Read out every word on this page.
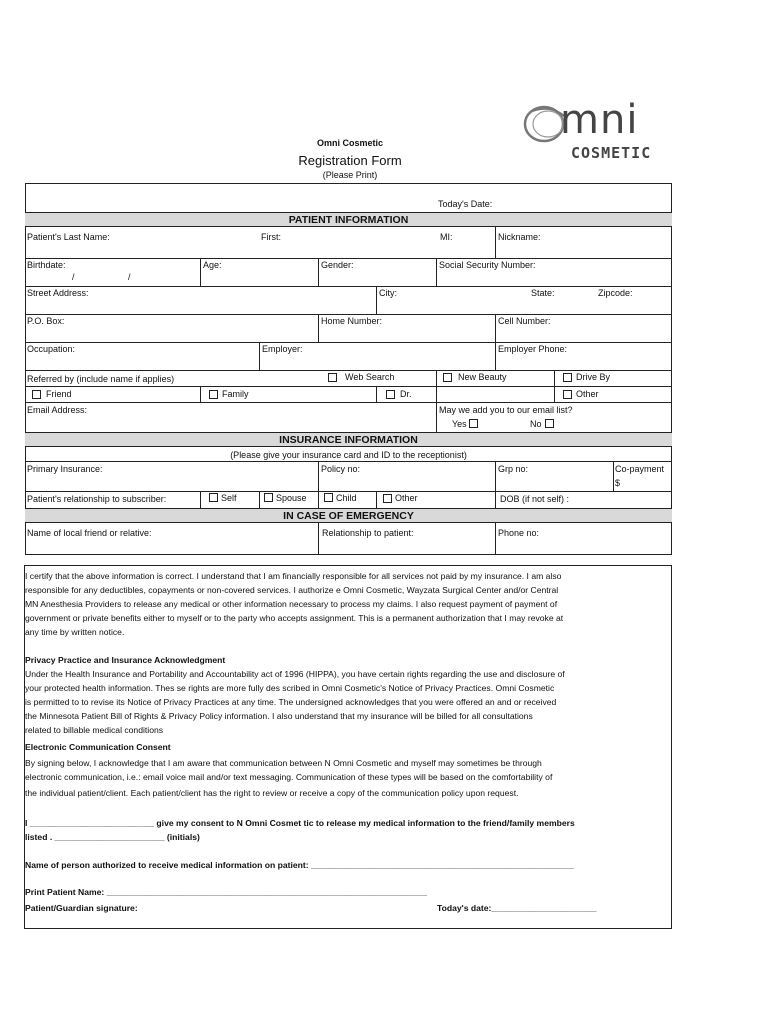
Omni Cosmetic
Registration Form
(Please Print)
mni
COSMETIC
Today's Date:
PATIENT INFORMATION
Patient's Last Name:	First:	MI:	Nickname:
Birthdate:
/	/
Age:	Gender:	Social Security Number:
Street Address:	City:	State:	Zipcode:
P.O. Box:	Home Number:	Cell Number:
Occupation:	Employer:	Employer Phone:
Referred by (include name if applies)	Web Search	New Beauty	Drive By
Friend	Family	Dr.	Other
Email Address:	May we add you to our email list?
Yes	No
INSURANCE INFORMATION
(Please give your insurance card and ID to the receptionist)
Primary Insurance:	Policy no:	Grp no:	Co-payment
$
Patient's relationship to subscriber:	Self	Spouse	Child	Other	DOB (if not self) :
IN CASE OF EMERGENCY
Name of local friend or relative:	Relationship to patient:	Phone no:
I certify that the above information is correct. I understand that I am financially responsible for all services not paid by my insurance. I am also
responsible for any deductibles, copayments or non-covered services. I authorize e Omni Cosmetic, Wayzata Surgical Center and/or Central
MN Anesthesia Providers to release any medical or other information necessary to process my claims. I also request payment of payment of
government or private benefits either to myself or to the party who accepts assignment. This is a permanent authorization that I may revoke at
any time by written notice.
Privacy Practice and Insurance Acknowledgment
Under the Health Insurance and Portability and Accountability act of 1996 (HIPPA), you have certain rights regarding the use and disclosure of
your protected health information. Thes se rights are more fully des scribed in Omni Cosmetic's Notice of Privacy Practices. Omni Cosmetic
is permitted to to revise its Notice of Privacy Practices at any time. The undersigned acknowledges that you were offered an and or received
the Minnesota Patient Bill of Rights & Privacy Policy information. I also understand that my insurance will be billed for all consultations
related to billable medical conditions
Electronic Communication Consent
By signing below, I acknowledge that I am aware that communication between N Omni Cosmetic and myself may sometimes be through
electronic communication, i.e.: email voice mail and/or text messaging. Communication of these types will be based on the comfortability of
the individual patient/client. Each patient/client has the right to review or receive a copy of the communication policy upon request.
I __________________________ give my consent to N Omni Cosmet tic to release my medical information to the friend/family members
listed . _______________________ (initials)
Name of person authorized to receive medical information on patient: _______________________________________________________
Print Patient Name: ___________________________________________________________________
Patient/Guardian signature:	Today's date:______________________
